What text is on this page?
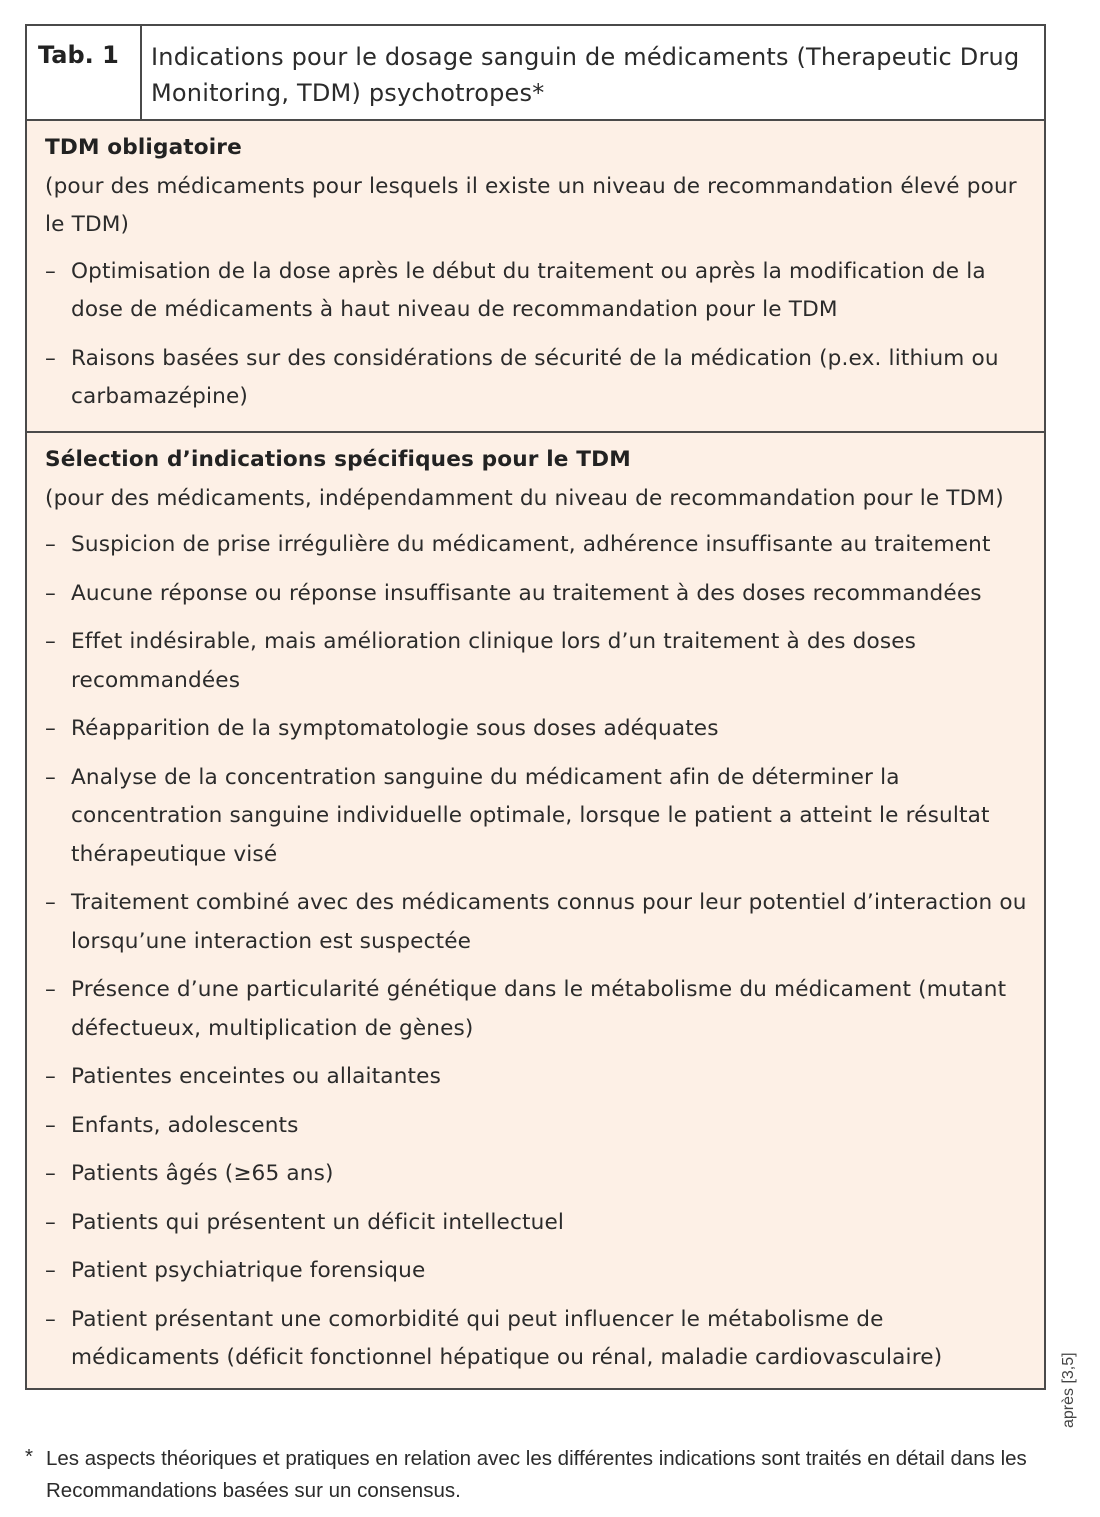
Tab. 1	Indications pour le dosage sanguin de médicaments (Therapeutic Drug Monitoring, TDM) psychotropes*
TDM obligatoire
(pour des médicaments pour lesquels il existe un niveau de recommandation élevé pour le TDM)
– Optimisation de la dose après le début du traitement ou après la modification de la dose de médicaments à haut niveau de recommandation pour le TDM
– Raisons basées sur des considérations de sécurité de la médication (p.ex. lithium ou carbamazépine)
Sélection d’indications spécifiques pour le TDM
(pour des médicaments, indépendamment du niveau de recommandation pour le TDM)
– Suspicion de prise irrégulière du médicament, adhérence insuffisante au traitement
– Aucune réponse ou réponse insuffisante au traitement à des doses recommandées
– Effet indésirable, mais amélioration clinique lors d’un traitement à des doses recommandées
– Réapparition de la symptomatologie sous doses adéquates
– Analyse de la concentration sanguine du médicament afin de déterminer la concentration sanguine individuelle optimale, lorsque le patient a atteint le résultat thérapeutique visé
– Traitement combiné avec des médicaments connus pour leur potentiel d’interaction ou lorsqu’une interaction est suspectée
– Présence d’une particularité génétique dans le métabolisme du médicament (mutant défectueux, multiplication de gènes)
– Patientes enceintes ou allaitantes
– Enfants, adolescents
– Patients âgés (≥65 ans)
– Patients qui présentent un déficit intellectuel
– Patient psychiatrique forensique
– Patient présentant une comorbidité qui peut influencer le métabolisme de médicaments (déficit fonctionnel hépatique ou rénal, maladie cardiovasculaire)	après [3,5]
* Les aspects théoriques et pratiques en relation avec les différentes indications sont traités en détail dans les Recommandations basées sur un consensus.
